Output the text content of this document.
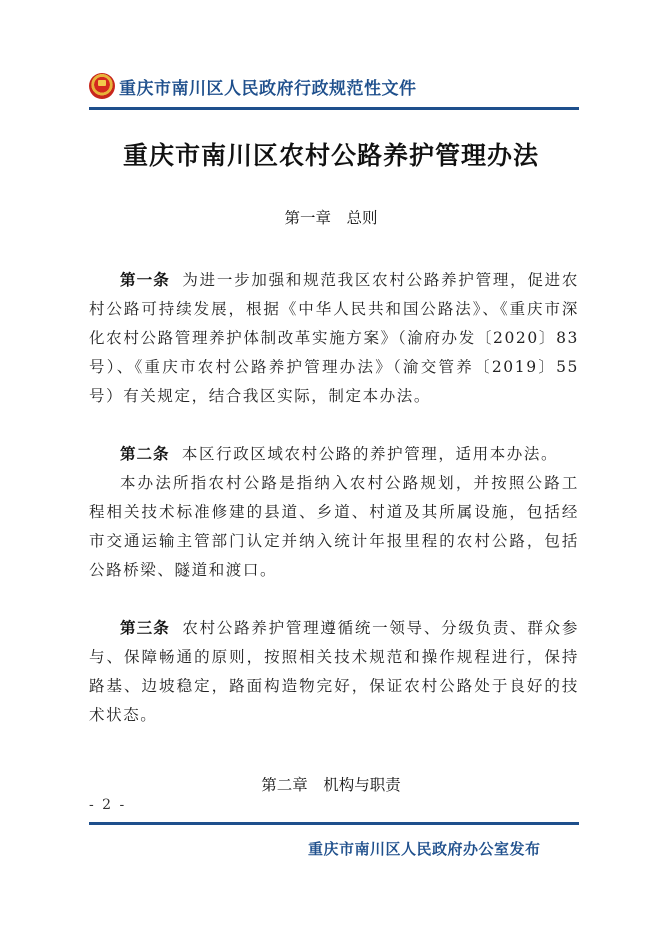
重庆市南川区人民政府行政规范性文件
重庆市南川区农村公路养护管理办法
第一章　总则

第一条 为进一步加强和规范我区农村公路养护管理，促进农村公路可持续发展，根据《中华人民共和国公路法》、《重庆市深化农村公路管理养护体制改革实施方案》（渝府办发〔2020〕83号）、《重庆市农村公路养护管理办法》（渝交管养〔2019〕55号）有关规定，结合我区实际，制定本办法。

第二条 本区行政区域农村公路的养护管理，适用本办法。

本办法所指农村公路是指纳入农村公路规划，并按照公路工程相关技术标准修建的县道、乡道、村道及其所属设施，包括经市交通运输主管部门认定并纳入统计年报里程的农村公路，包括公路桥梁、隧道和渡口。

第三条 农村公路养护管理遵循统一领导、分级负责、群众参与、保障畅通的原则，按照相关技术规范和操作规程进行，保持路基、边坡稳定，路面构造物完好，保证农村公路处于良好的技术状态。

第二章　机构与职责
- 2 -
重庆市南川区人民政府办公室发布
